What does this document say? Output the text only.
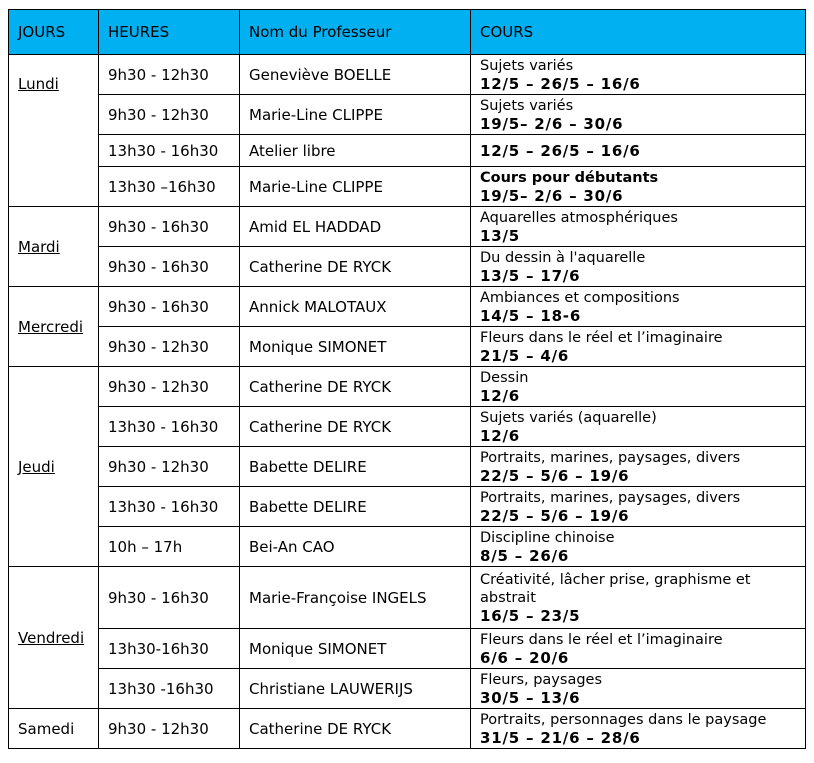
JOURS	HEURES	Nom du Professeur	COURS
Lundi	9h30 - 12h30	Geneviève BOELLE	Sujets variés
12/5 – 26/5 – 16/6

	9h30 - 12h30	Marie-Line CLIPPE	Sujets variés
19/5– 2/6 – 30/6

	13h30 - 16h30	Atelier libre	12/5 – 26/5 – 16/6

	13h30 –16h30	Marie-Line CLIPPE	Cours pour débutants
19/5– 2/6 – 30/6

Mardi	9h30 - 16h30	Amid EL HADDAD	Aquarelles atmosphériques
13/5

	9h30 - 16h30	Catherine DE RYCK	Du dessin à l'aquarelle
13/5 – 17/6

Mercredi	9h30 - 16h30	Annick MALOTAUX	Ambiances et compositions
14/5 – 18-6

	9h30 - 12h30	Monique SIMONET	Fleurs dans le réel et l’imaginaire
21/5 – 4/6

Jeudi	9h30 - 12h30	Catherine DE RYCK	Dessin
12/6

	13h30 - 16h30	Catherine DE RYCK	Sujets variés (aquarelle)
12/6

	9h30 - 12h30	Babette DELIRE	Portraits, marines, paysages, divers
22/5 – 5/6 – 19/6

	13h30 - 16h30	Babette DELIRE	Portraits, marines, paysages, divers
22/5 – 5/6 – 19/6

	10h – 17h	Bei-An CAO	Discipline chinoise
8/5 – 26/6

Vendredi	9h30 - 16h30	Marie-Françoise INGELS	Créativité, lâcher prise, graphisme et abstrait
16/5 – 23/5

	13h30-16h30	Monique SIMONET	Fleurs dans le réel et l’imaginaire
6/6 – 20/6

	13h30 -16h30	Christiane LAUWERIJS	Fleurs, paysages
30/5 – 13/6

Samedi	9h30 - 12h30	Catherine DE RYCK	Portraits, personnages dans le paysage
31/5 – 21/6 – 28/6
